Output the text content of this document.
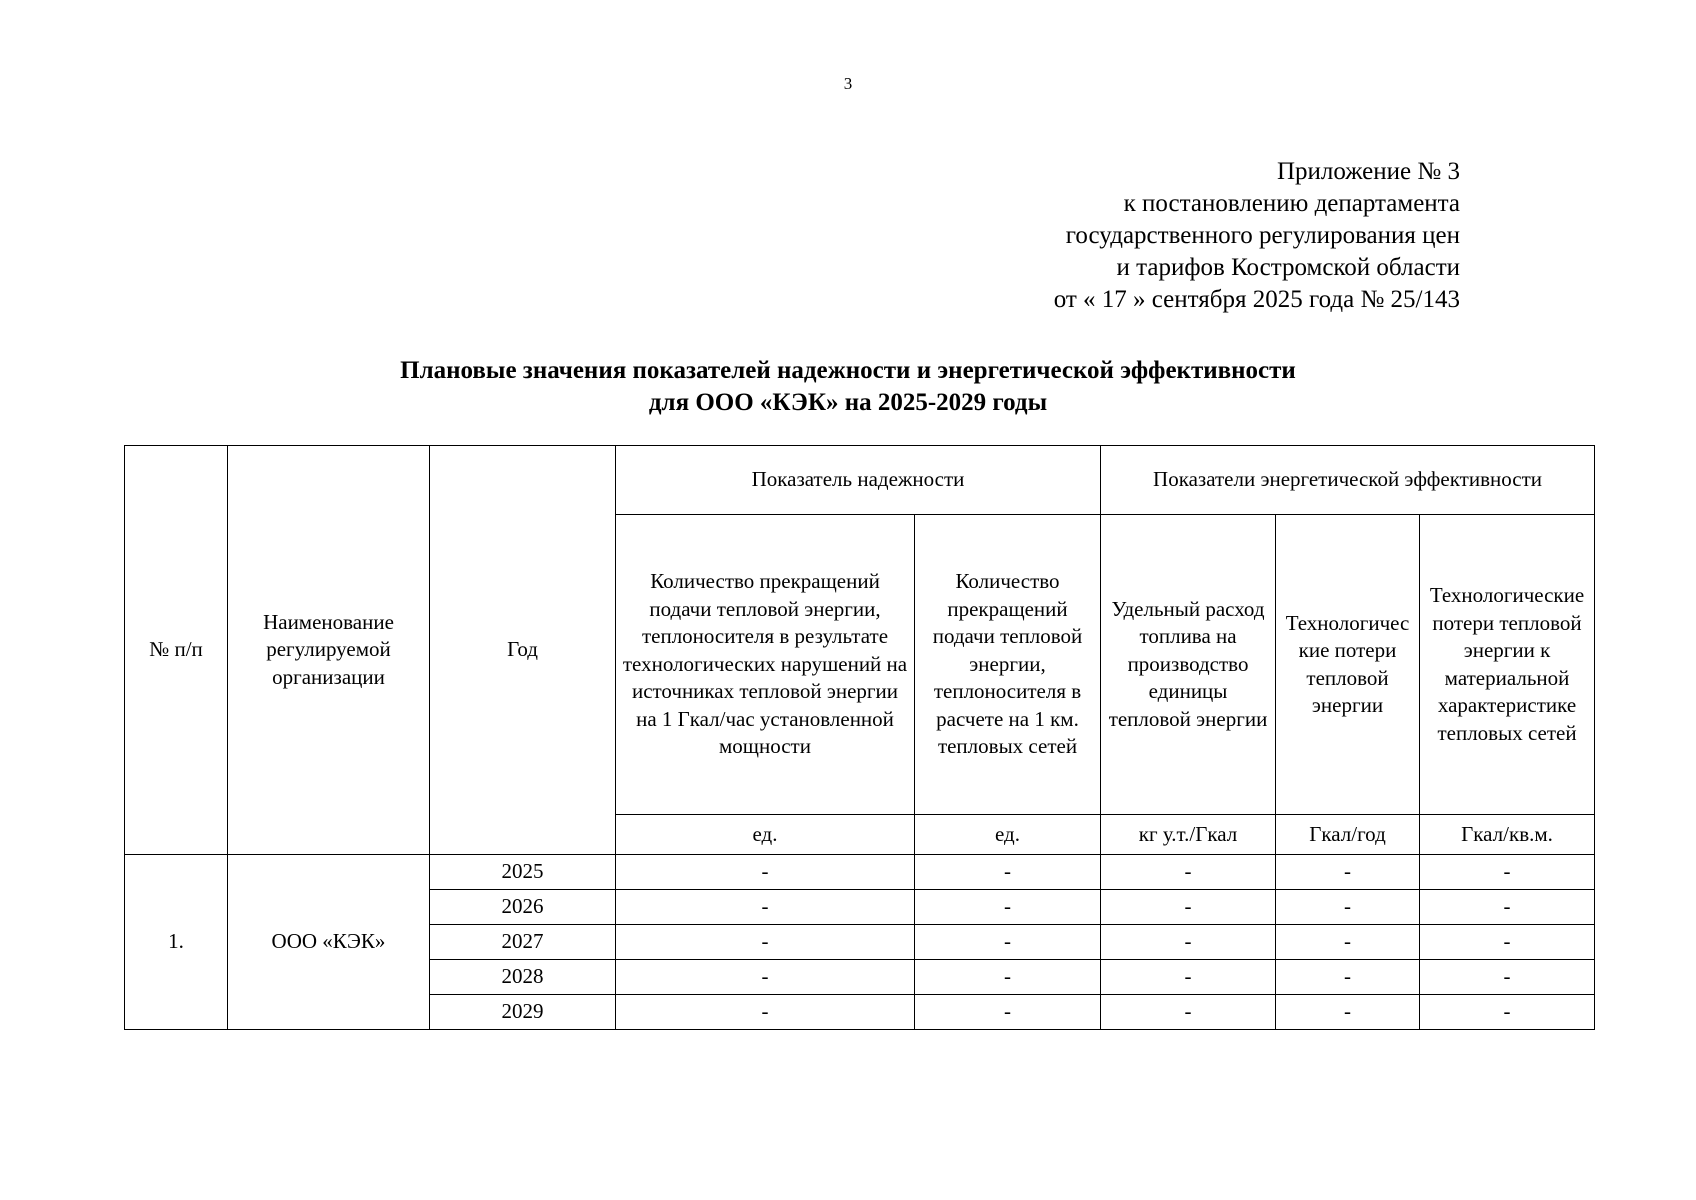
3
Приложение № 3
к постановлению департамента
государственного регулирования цен
и тарифов Костромской области
от « 17 » сентября 2025 года № 25/143
Плановые значения показателей надежности и энергетической эффективности
для ООО «КЭК» на 2025-2029 годы
№ п/п	Наименование регулируемой организации	Год	Показатель надежности		Показатели энергетической эффективности		
			Количество прекращений подачи тепловой энергии, теплоносителя в результате технологических нарушений на источниках тепловой энергии на 1 Гкал/час установленной мощности	Количество прекращений подачи тепловой энергии, теплоносителя в расчете на 1 км. тепловых сетей	Удельный расход топлива на производство единицы тепловой энергии	Технологические потери тепловой энергии	Технологические потери тепловой энергии к материальной характеристике тепловых сетей
			ед.	ед.	кг у.т./Гкал	Гкал/год	Гкал/кв.м.
1.	ООО «КЭК»	2025	-	-	-	-	-
		2026	-	-	-	-	-
		2027	-	-	-	-	-
		2028	-	-	-	-	-
		2029	-	-	-	-	-
